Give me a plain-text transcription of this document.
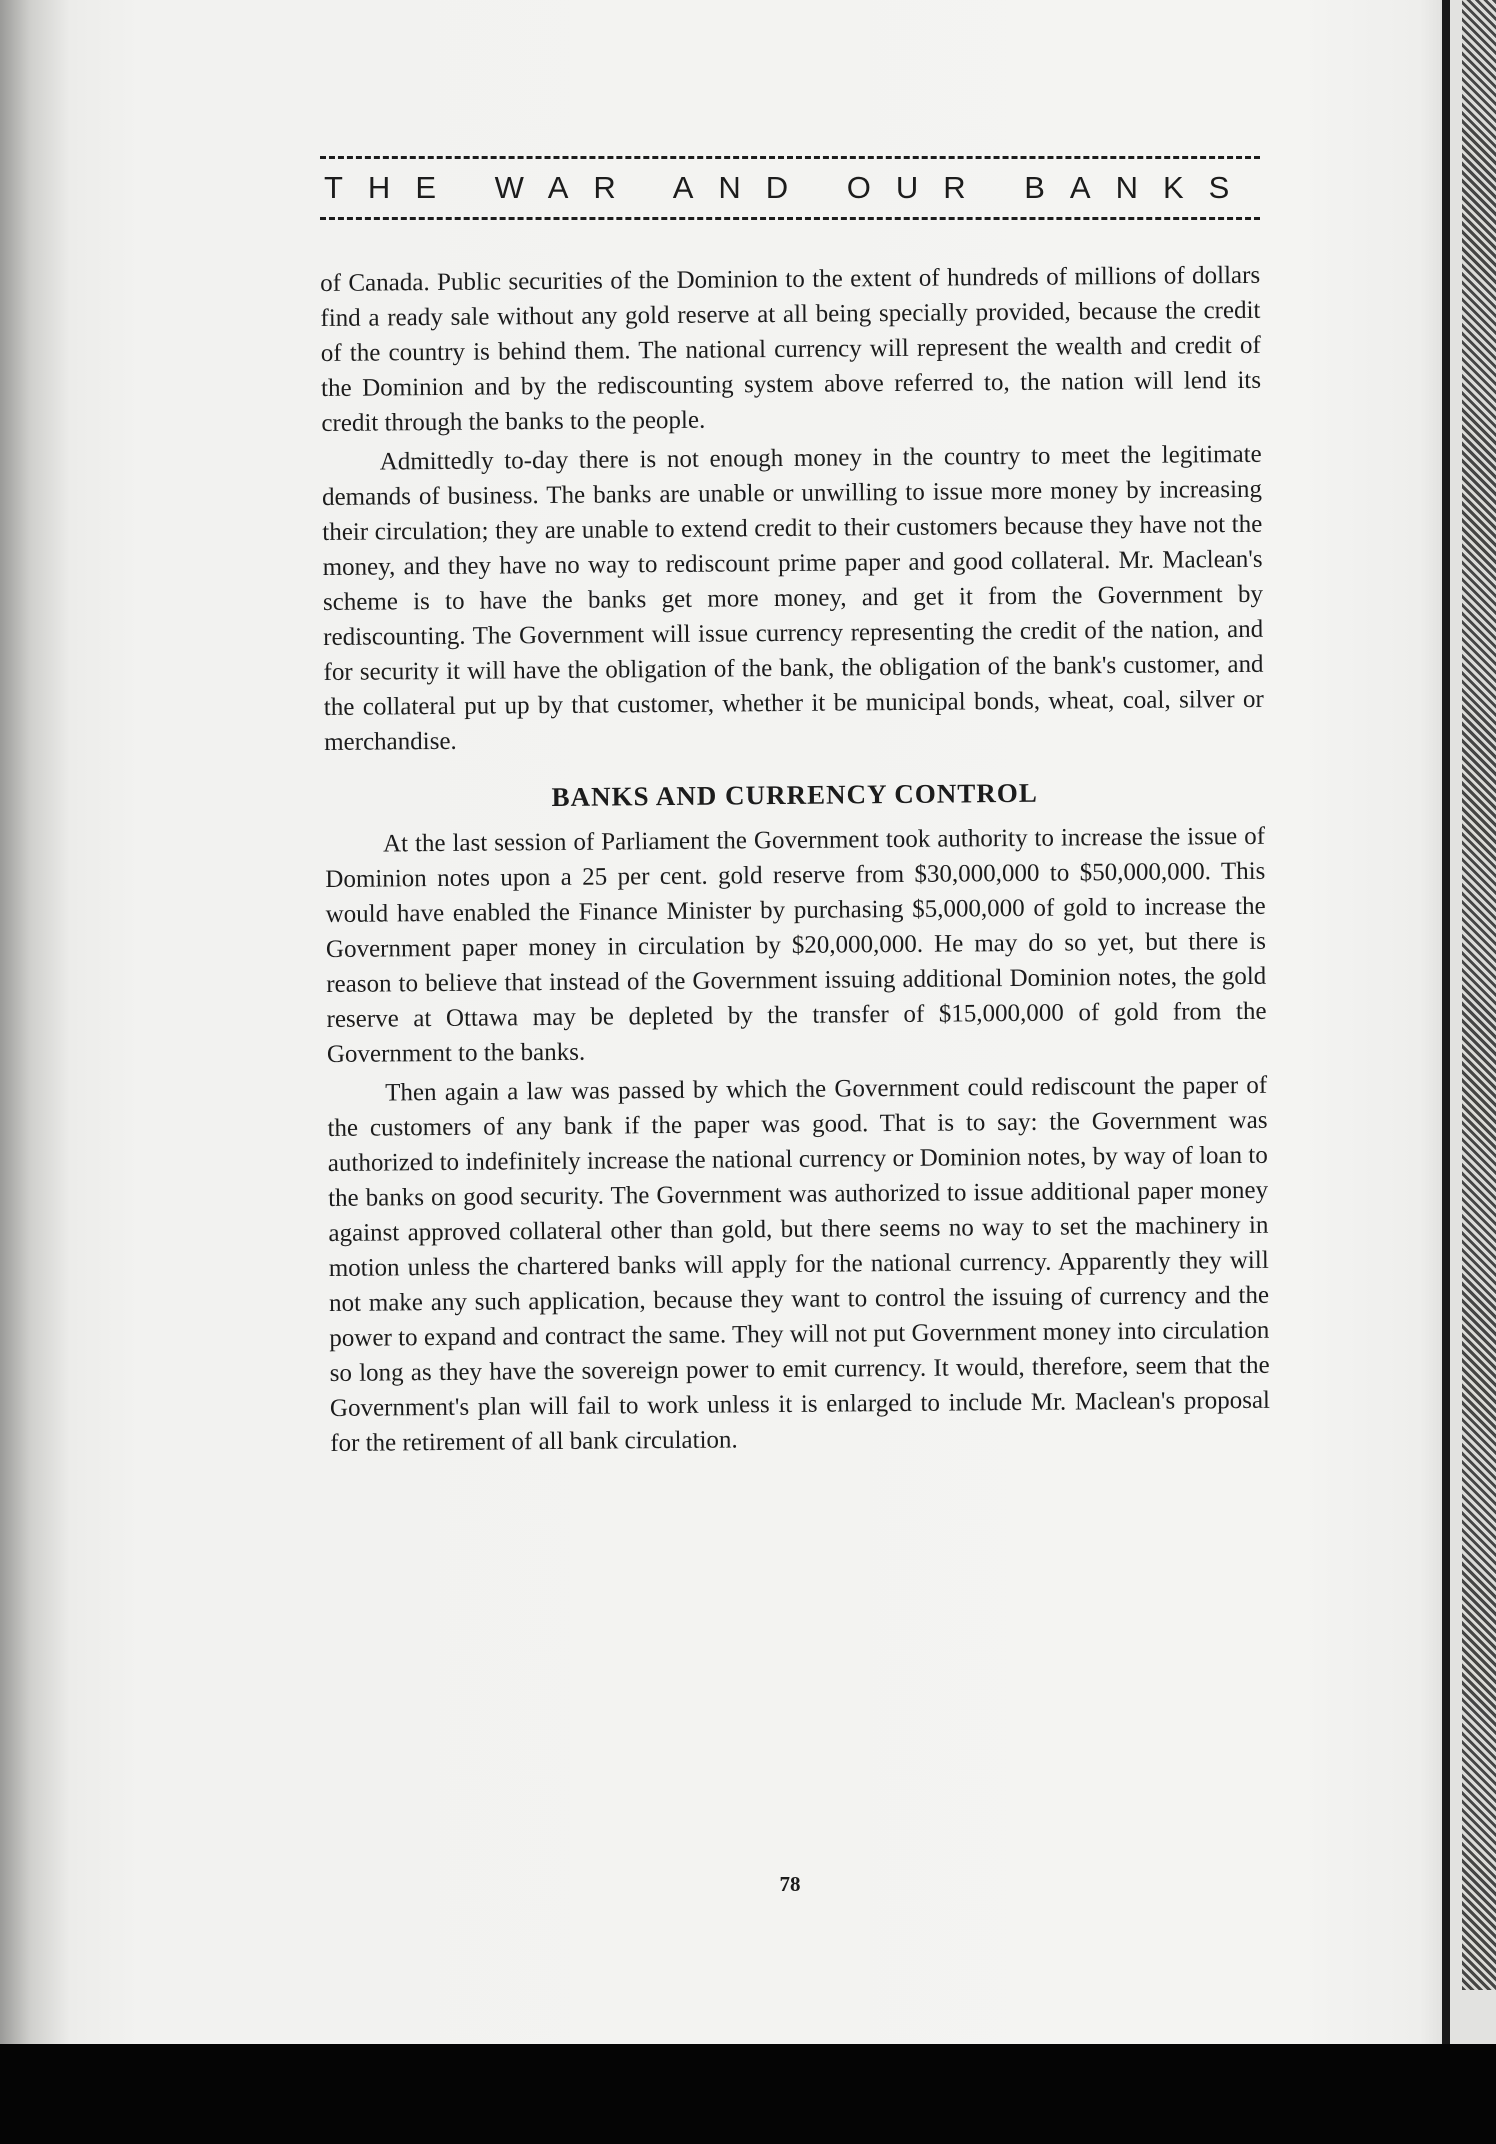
THE WAR AND OUR BANKS

of Canada. Public securities of the Dominion to the extent of hundreds of millions of dollars find a ready sale without any gold reserve at all being specially provided, because the credit of the country is behind them. The national currency will represent the wealth and credit of the Dominion and by the rediscounting system above referred to, the nation will lend its credit through the banks to the people.

Admittedly to-day there is not enough money in the country to meet the legitimate demands of business. The banks are unable or unwilling to issue more money by increasing their circulation; they are unable to extend credit to their customers because they have not the money, and they have no way to rediscount prime paper and good collateral. Mr. Maclean's scheme is to have the banks get more money, and get it from the Government by rediscounting. The Government will issue currency representing the credit of the nation, and for security it will have the obligation of the bank, the obligation of the bank's customer, and the collateral put up by that customer, whether it be municipal bonds, wheat, coal, silver or merchandise.

BANKS AND CURRENCY CONTROL

At the last session of Parliament the Government took authority to increase the issue of Dominion notes upon a 25 per cent. gold reserve from $30,000,000 to $50,000,000. This would have enabled the Finance Minister by purchasing $5,000,000 of gold to increase the Government paper money in circulation by $20,000,000. He may do so yet, but there is reason to believe that instead of the Government issuing additional Dominion notes, the gold reserve at Ottawa may be depleted by the transfer of $15,000,000 of gold from the Government to the banks.

Then again a law was passed by which the Government could rediscount the paper of the customers of any bank if the paper was good. That is to say: the Government was authorized to indefinitely increase the national currency or Dominion notes, by way of loan to the banks on good security. The Government was authorized to issue additional paper money against approved collateral other than gold, but there seems no way to set the machinery in motion unless the chartered banks will apply for the national currency. Apparently they will not make any such application, because they want to control the issuing of currency and the power to expand and contract the same. They will not put Government money into circulation so long as they have the sovereign power to emit currency. It would, therefore, seem that the Government's plan will fail to work unless it is enlarged to include Mr. Maclean's proposal for the retirement of all bank circulation.

78
